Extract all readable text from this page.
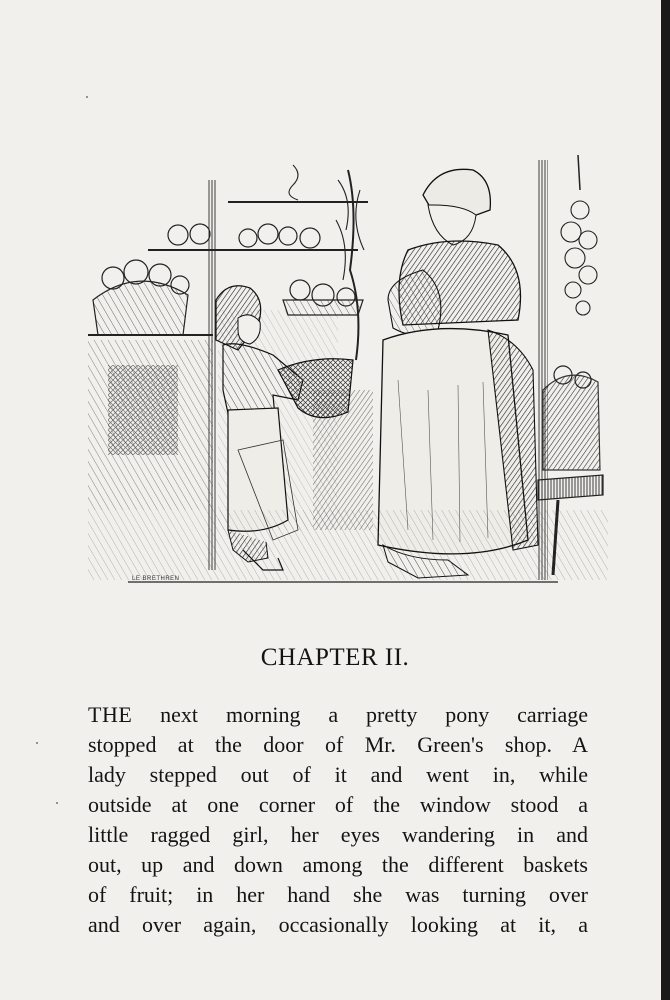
LE BRETHREN
CHAPTER II.
THE next morning a pretty pony carriage
stopped at the door of Mr. Green's shop. A
lady stepped out of it and went in, while
outside at one corner of the window stood a
little ragged girl, her eyes wandering in and
out, up and down among the different baskets
of fruit; in her hand she was turning over
and over again, occasionally looking at it, a
